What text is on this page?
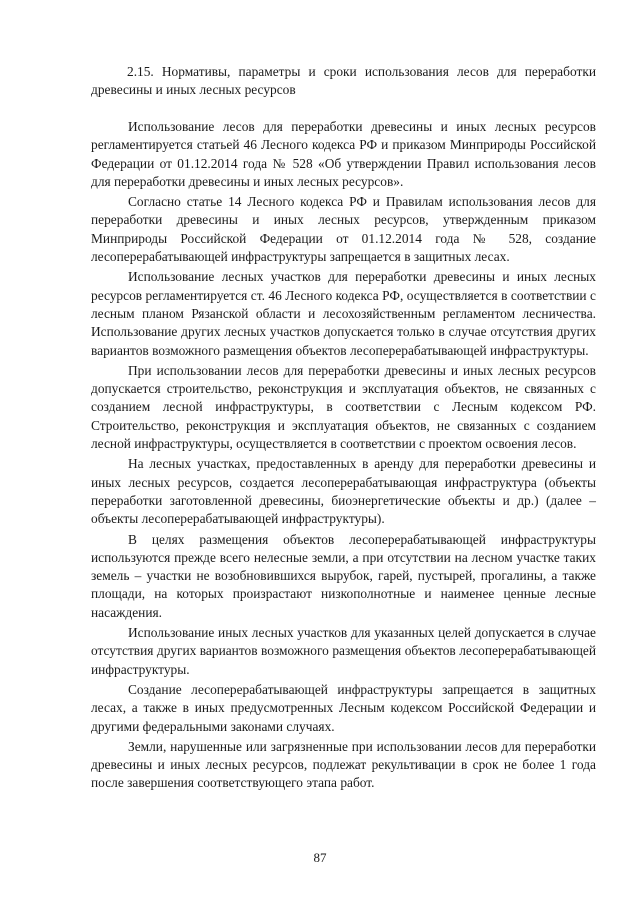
2.15. Нормативы, параметры и сроки использования лесов для переработки древесины и иных лесных ресурсов

Использование лесов для переработки древесины и иных лесных ресурсов регламентируется статьей 46 Лесного кодекса РФ и приказом Минприроды Российской Федерации от 01.12.2014 года № 528 «Об утверждении Правил использования лесов для переработки древесины и иных лесных ресурсов».

Согласно статье 14 Лесного кодекса РФ и Правилам использования лесов для переработки древесины и иных лесных ресурсов, утвержденным приказом Минприроды Российской Федерации от 01.12.2014 года № 528, создание лесоперерабатывающей инфраструктуры запрещается в защитных лесах.

Использование лесных участков для переработки древесины и иных лесных ресурсов регламентируется ст. 46 Лесного кодекса РФ, осуществляется в соответствии с лесным планом Рязанской области и лесохозяйственным регламентом лесничества. Использование других лесных участков допускается только в случае отсутствия других вариантов возможного размещения объектов лесоперерабатывающей инфраструктуры.

При использовании лесов для переработки древесины и иных лесных ресурсов допускается строительство, реконструкция и эксплуатация объектов, не связанных с созданием лесной инфраструктуры, в соответствии с Лесным кодексом РФ. Строительство, реконструкция и эксплуатация объектов, не связанных с созданием лесной инфраструктуры, осуществляется в соответствии с проектом освоения лесов.

На лесных участках, предоставленных в аренду для переработки древесины и иных лесных ресурсов, создается лесоперерабатывающая инфраструктура (объекты переработки заготовленной древесины, биоэнергетические объекты и др.) (далее – объекты лесоперерабатывающей инфраструктуры).

В целях размещения объектов лесоперерабатывающей инфраструктуры используются прежде всего нелесные земли, а при отсутствии на лесном участке таких земель – участки не возобновившихся вырубок, гарей, пустырей, прогалины, а также площади, на которых произрастают низкополнотные и наименее ценные лесные насаждения.

Использование иных лесных участков для указанных целей допускается в случае отсутствия других вариантов возможного размещения объектов лесоперерабатывающей инфраструктуры.

Создание лесоперерабатывающей инфраструктуры запрещается в защитных лесах, а также в иных предусмотренных Лесным кодексом Российской Федерации и другими федеральными законами случаях.

Земли, нарушенные или загрязненные при использовании лесов для переработки древесины и иных лесных ресурсов, подлежат рекультивации в срок не более 1 года после завершения соответствующего этапа работ.

87
